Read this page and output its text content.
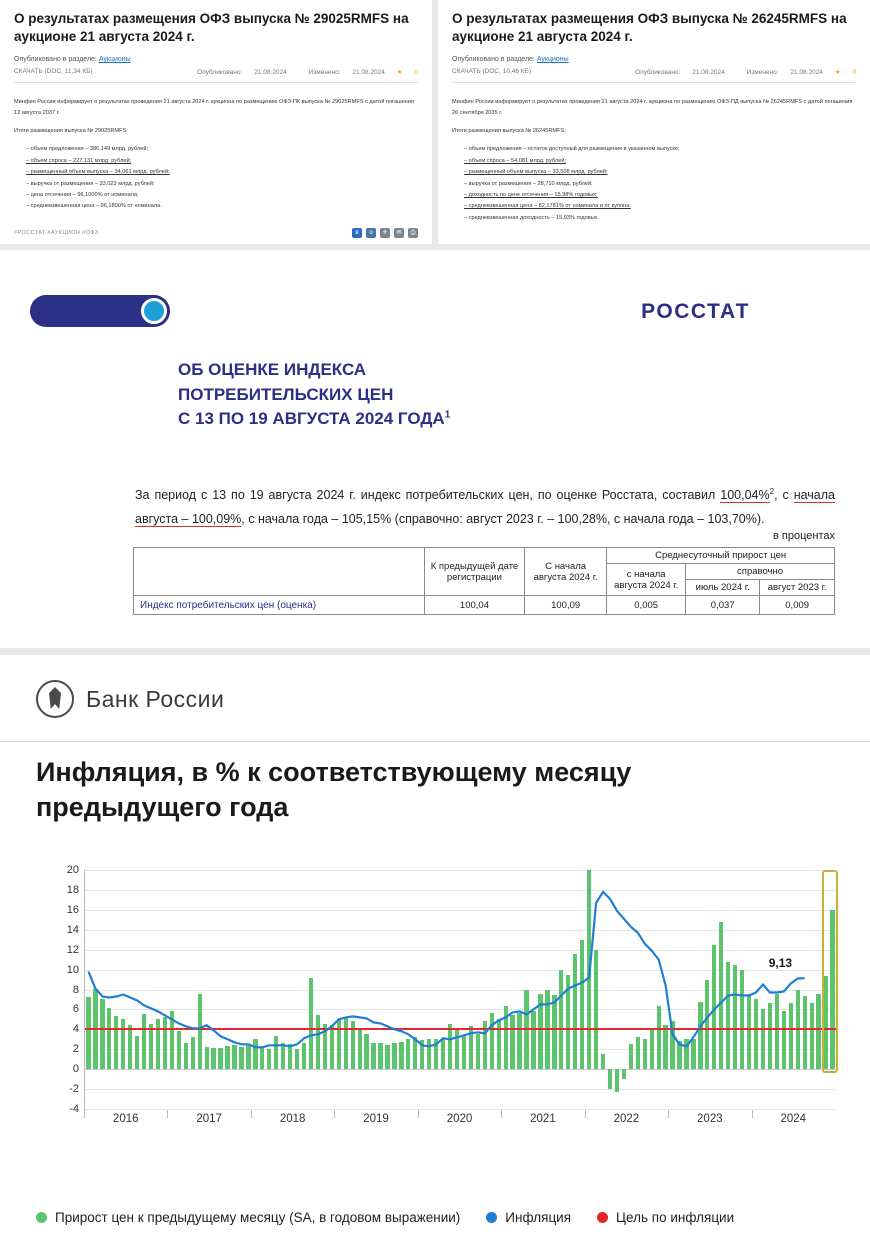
О результатах размещения ОФЗ выпуска № 29025RMFS на аукционе 21 августа 2024 г.
Опубликовано в разделе: Аукционы
СКАЧАТЬ (DOC, 11,34 КБ)	Опубликовано: 21.08.2024	Изменено: 21.08.2024 ★ 0

Минфин России информирует о результатах проведения 21 августа 2024 г. аукциона по размещению ОФЗ-ПК выпуска № 29025RMFS с датой погашения 12 августа 2037 г.

Итоги размещения выпуска № 29025RMFS:

– объем предложения – 386,149 млрд. рублей;
– объем спроса – 227,131 млрд. рублей;
– размещенный объем выпуска – 34,061 млрд. рублей;
– выручка от размещения – 33,023 млрд. рублей;
– цена отсечения – 96,1000% от номинала;
– средневзвешенная цена – 96,1800% от номинала.
#РОССТАТ #АУКЦИОН #ОФЗ	в	o	✈	✉	⎙
О результатах размещения ОФЗ выпуска № 26245RMFS на аукционе 21 августа 2024 г.
Опубликовано в разделе: Аукционы
СКАЧАТЬ (DOC, 10,46 КБ)	Опубликовано: 21.08.2024	Изменено: 21.08.2024 ★ 0

Минфин России информирует о результатах проведения 21 августа 2024 г. аукциона по размещению ОФЗ-ПД выпуска № 26245RMFS с датой погашения 26 сентября 2035 г.

Итоги размещения выпуска № 26245RMFS:

– объем предложения – остаток доступный для размещения в указанном выпуске;
– объем спроса – 54,081 млрд. рублей;
– размещенный объем выпуска – 33,508 млрд. рублей;
– выручка от размещения – 28,710 млрд. рублей;
– доходность по цене отсечения – 15,98% годовых;
– средневзвешенная цена – 82,1781% от номинала и от купона;
– средневзвешенная доходность – 15,93% годовых.
РОССТАТ
ОБ ОЦЕНКЕ ИНДЕКСА
ПОТРЕБИТЕЛЬСКИХ ЦЕН
С 13 ПО 19 АВГУСТА 2024 ГОДА$^1$
За период с 13 по 19 августа 2024 г. индекс потребительских цен, по оценке Росстата, составил 100,04%$^2$, с начала августа – 100,09%, с начала года – 105,15% (справочно: август 2023 г. – 100,28%, с начала года – 103,70%).
в процентах
	К предыдущей дате регистрации	С начала августа 2024 г.	Среднесуточный прирост цен		
			с начала августа 2024 г.	справочно	
				июль 2024 г.	август 2023 г.
Индекс потребительских цен (оценка)	100,04	100,09	0,005	0,037	0,009
Банк России
Инфляция, в % к соответствующему месяцу предыдущего года
-4
-2
0
2
4
6
8
10
12
14
16
18
20
9,13
2016	2017	2018	2019	2020	2021	2022	2023	2024
Прирост цен к предыдущему месяцу (SA, в годовом выражении)	Инфляция	Цель по инфляции
